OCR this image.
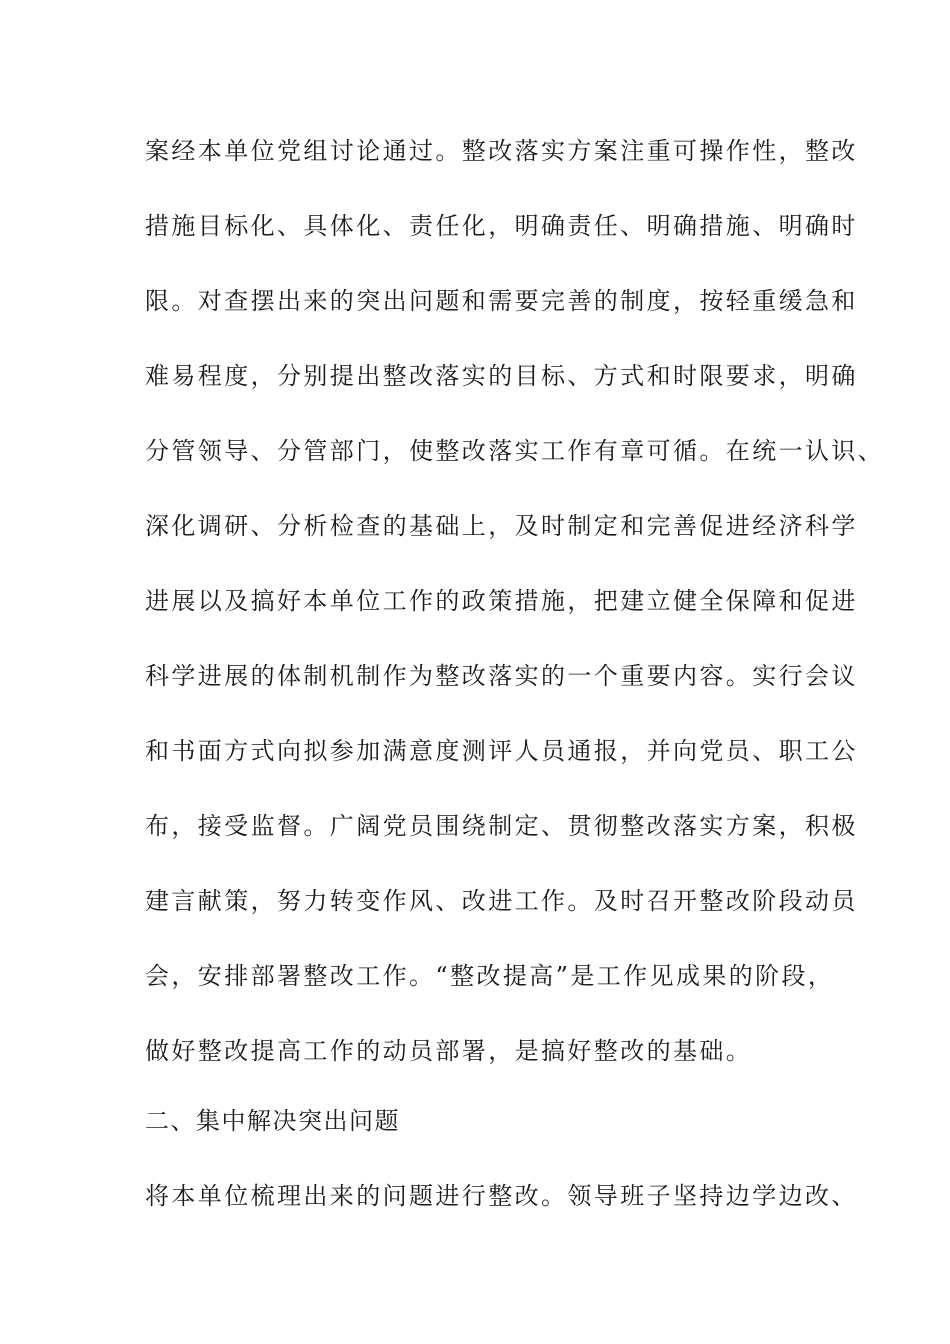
案经本单位党组讨论通过。整改落实方案注重可操作性，整改
措施目标化、具体化、责任化，明确责任、明确措施、明确时
限。对查摆出来的突出问题和需要完善的制度，按轻重缓急和
难易程度，分别提出整改落实的目标、方式和时限要求，明确
分管领导、分管部门，使整改落实工作有章可循。在统一认识、
深化调研、分析检查的基础上，及时制定和完善促进经济科学
进展以及搞好本单位工作的政策措施，把建立健全保障和促进
科学进展的体制机制作为整改落实的一个重要内容。实行会议
和书面方式向拟参加满意度测评人员通报，并向党员、职工公
布，接受监督。广阔党员围绕制定、贯彻整改落实方案，积极
建言献策，努力转变作风、改进工作。及时召开整改阶段动员
会，安排部署整改工作。“整改提高”是工作见成果的阶段，
做好整改提高工作的动员部署，是搞好整改的基础。
二、集中解决突出问题
将本单位梳理出来的问题进行整改。领导班子坚持边学边改、
